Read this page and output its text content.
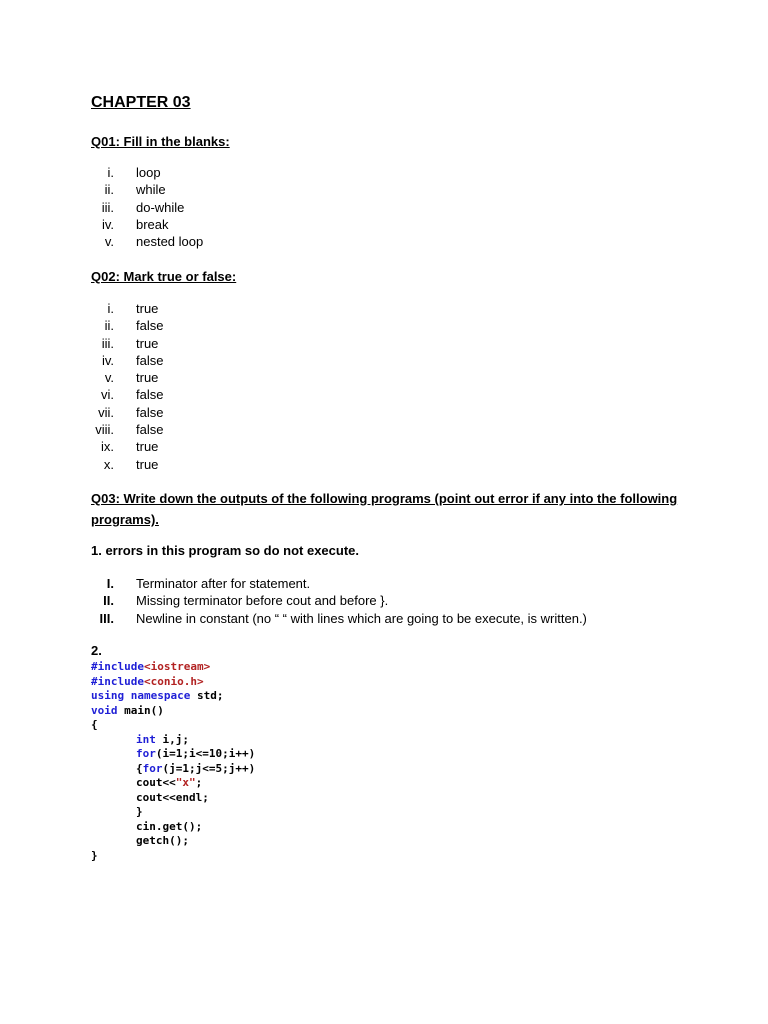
CHAPTER 03
Q01: Fill in the blanks:
i.	loop
ii.	while
iii.	do-while
iv.	break
v.	nested loop
Q02: Mark true or false:
i.	true
ii.	false
iii.	true
iv.	false
v.	true
vi.	false
vii.	false
viii.	false
ix.	true
x.	true
Q03: Write down the outputs of the following programs (point out error if any into the following
programs).
1. errors in this program so do not execute.
I.	Terminator after for statement.
II.	Missing terminator before cout and before }.
III.	Newline in constant (no “ “ with lines which are going to be execute, is written.)
2.
#include<iostream>
#include<conio.h>
using namespace std;
void main()
{
int i,j;
for(i=1;i<=10;i++)
{for(j=1;j<=5;j++)
cout<<"x";
cout<<endl;
}
cin.get();
getch();
}
